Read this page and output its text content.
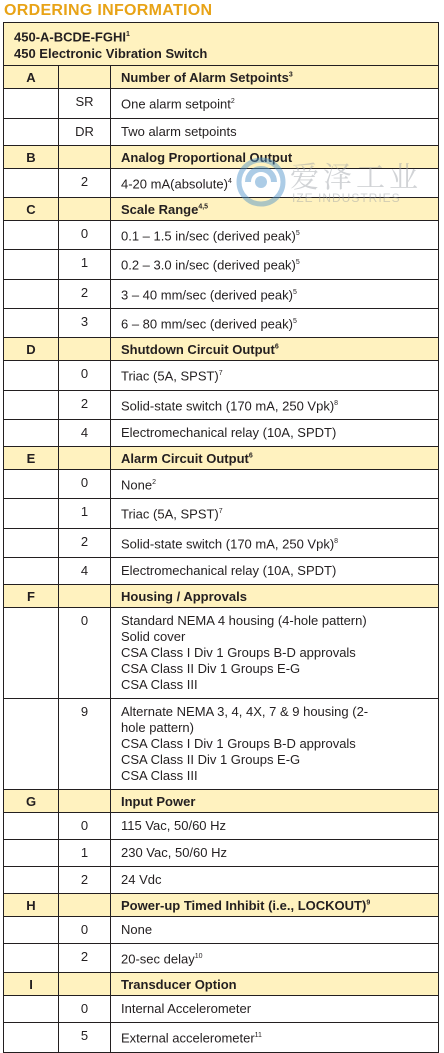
ORDERING INFORMATION
450-A-BCDE-FGHI$^1$
450 Electronic Vibration Switch
A	Number of Alarm Setpoints$^3$
SR	One alarm setpoint$^2$
DR	Two alarm setpoints
B	Analog Proportional Output
2	4-20 mA(absolute)$^4$
C	Scale Range$^{4,5}$
0	0.1 – 1.5 in/sec (derived peak)$^5$
1	0.2 – 3.0 in/sec (derived peak)$^5$
2	3 – 40 mm/sec (derived peak)$^5$
3	6 – 80 mm/sec (derived peak)$^5$
D	Shutdown Circuit Output$^6$
0	Triac (5A, SPST)$^7$
2	Solid-state switch (170 mA, 250 Vpk)$^8$
4	Electromechanical relay (10A, SPDT)
E	Alarm Circuit Output$^6$
0	None$^2$
1	Triac (5A, SPST)$^7$
2	Solid-state switch (170 mA, 250 Vpk)$^8$
4	Electromechanical relay (10A, SPDT)
F	Housing / Approvals
0	Standard NEMA 4 housing (4-hole pattern)
Solid cover
CSA Class I Div 1 Groups B-D approvals
CSA Class II Div 1 Groups E-G
CSA Class III
9	Alternate NEMA 3, 4, 4X, 7 & 9 housing (2-
hole pattern)
CSA Class I Div 1 Groups B-D approvals
CSA Class II Div 1 Groups E-G
CSA Class III
G	Input Power
0	115 Vac, 50/60 Hz
1	230 Vac, 50/60 Hz
2	24 Vdc
H	Power-up Timed Inhibit (i.e., LOCKOUT)$^9$
0	None
2	20-sec delay$^{10}$
I	Transducer Option
0	Internal Accelerometer
5	External accelerometer$^{11}$
爱泽工业
IZE INDUSTRIES
